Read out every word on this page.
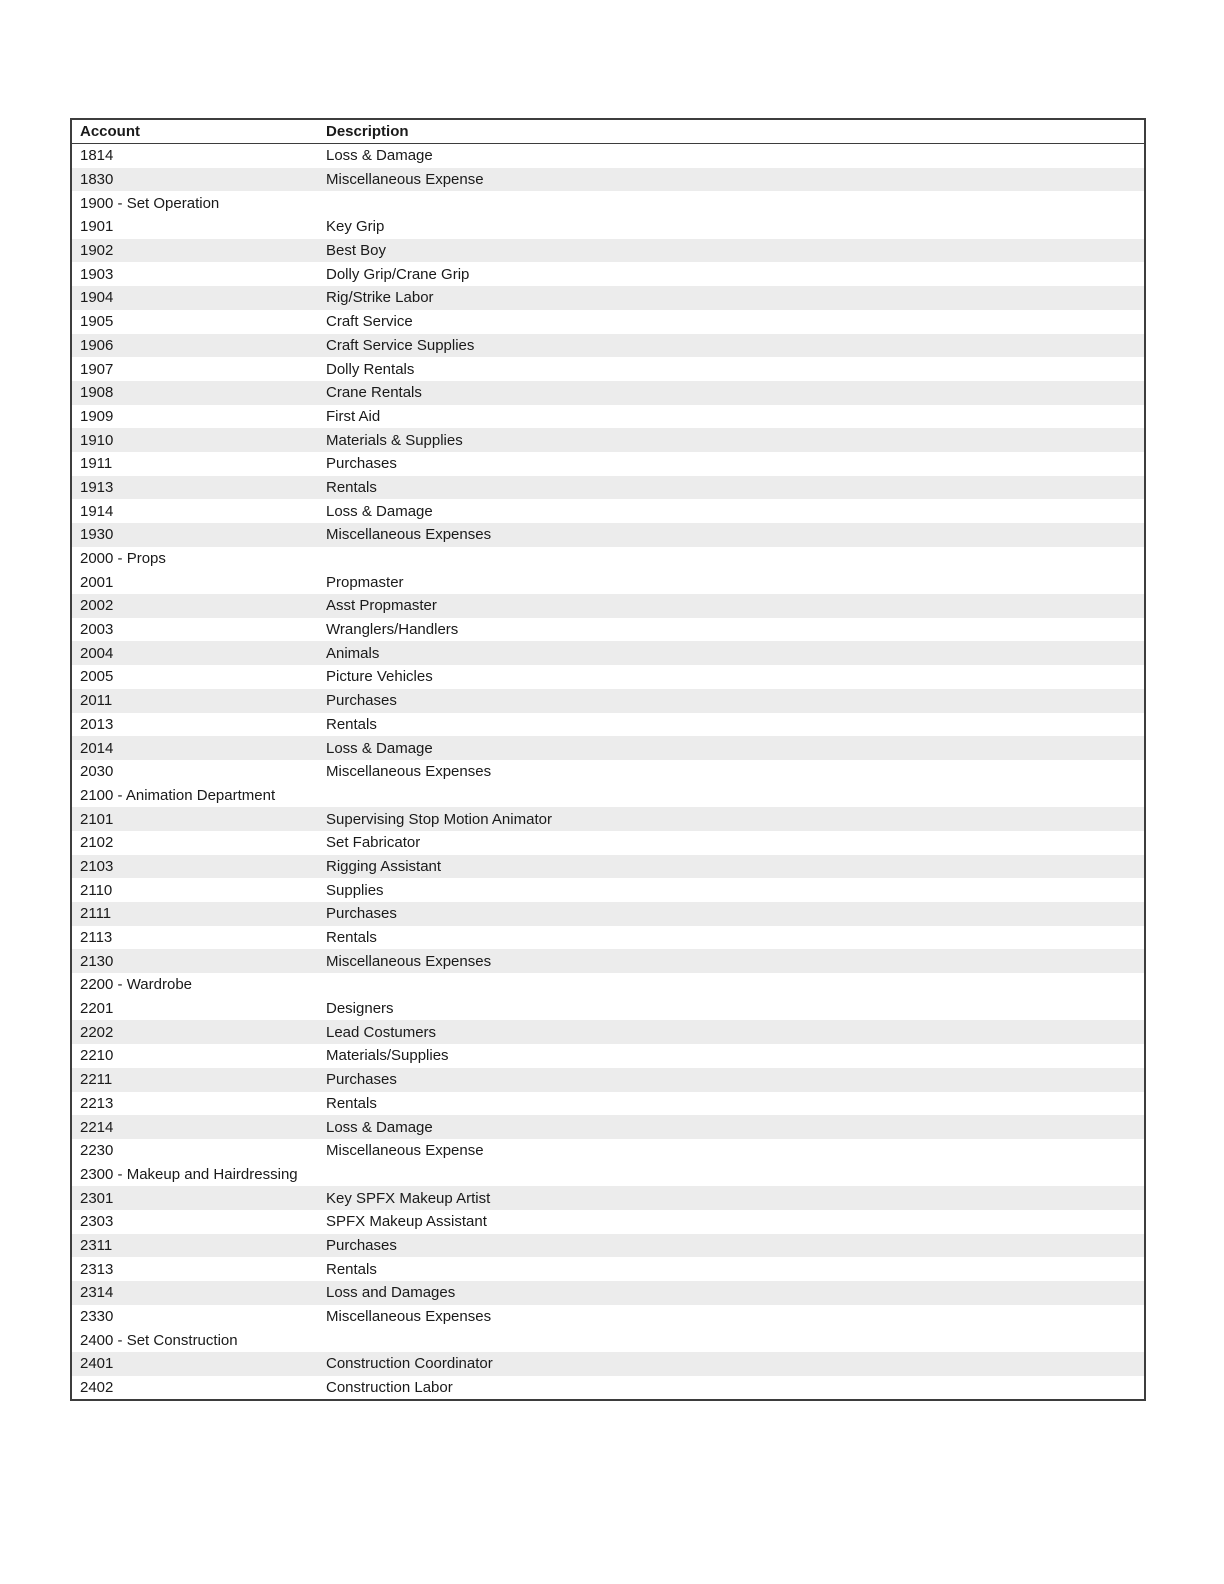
Account	Description
1814	Loss & Damage
1830	Miscellaneous Expense
1900 - Set Operation
1901	Key Grip
1902	Best Boy
1903	Dolly Grip/Crane Grip
1904	Rig/Strike Labor
1905	Craft Service
1906	Craft Service Supplies
1907	Dolly Rentals
1908	Crane Rentals
1909	First Aid
1910	Materials & Supplies
1911	Purchases
1913	Rentals
1914	Loss & Damage
1930	Miscellaneous Expenses
2000 - Props
2001	Propmaster
2002	Asst Propmaster
2003	Wranglers/Handlers
2004	Animals
2005	Picture Vehicles
2011	Purchases
2013	Rentals
2014	Loss & Damage
2030	Miscellaneous Expenses
2100 - Animation Department
2101	Supervising Stop Motion Animator
2102	Set Fabricator
2103	Rigging Assistant
2110	Supplies
2111	Purchases
2113	Rentals
2130	Miscellaneous Expenses
2200 - Wardrobe
2201	Designers
2202	Lead Costumers
2210	Materials/Supplies
2211	Purchases
2213	Rentals
2214	Loss & Damage
2230	Miscellaneous Expense
2300 - Makeup and Hairdressing
2301	Key SPFX Makeup Artist
2303	SPFX Makeup Assistant
2311	Purchases
2313	Rentals
2314	Loss and Damages
2330	Miscellaneous Expenses
2400 - Set Construction
2401	Construction Coordinator
2402	Construction Labor
